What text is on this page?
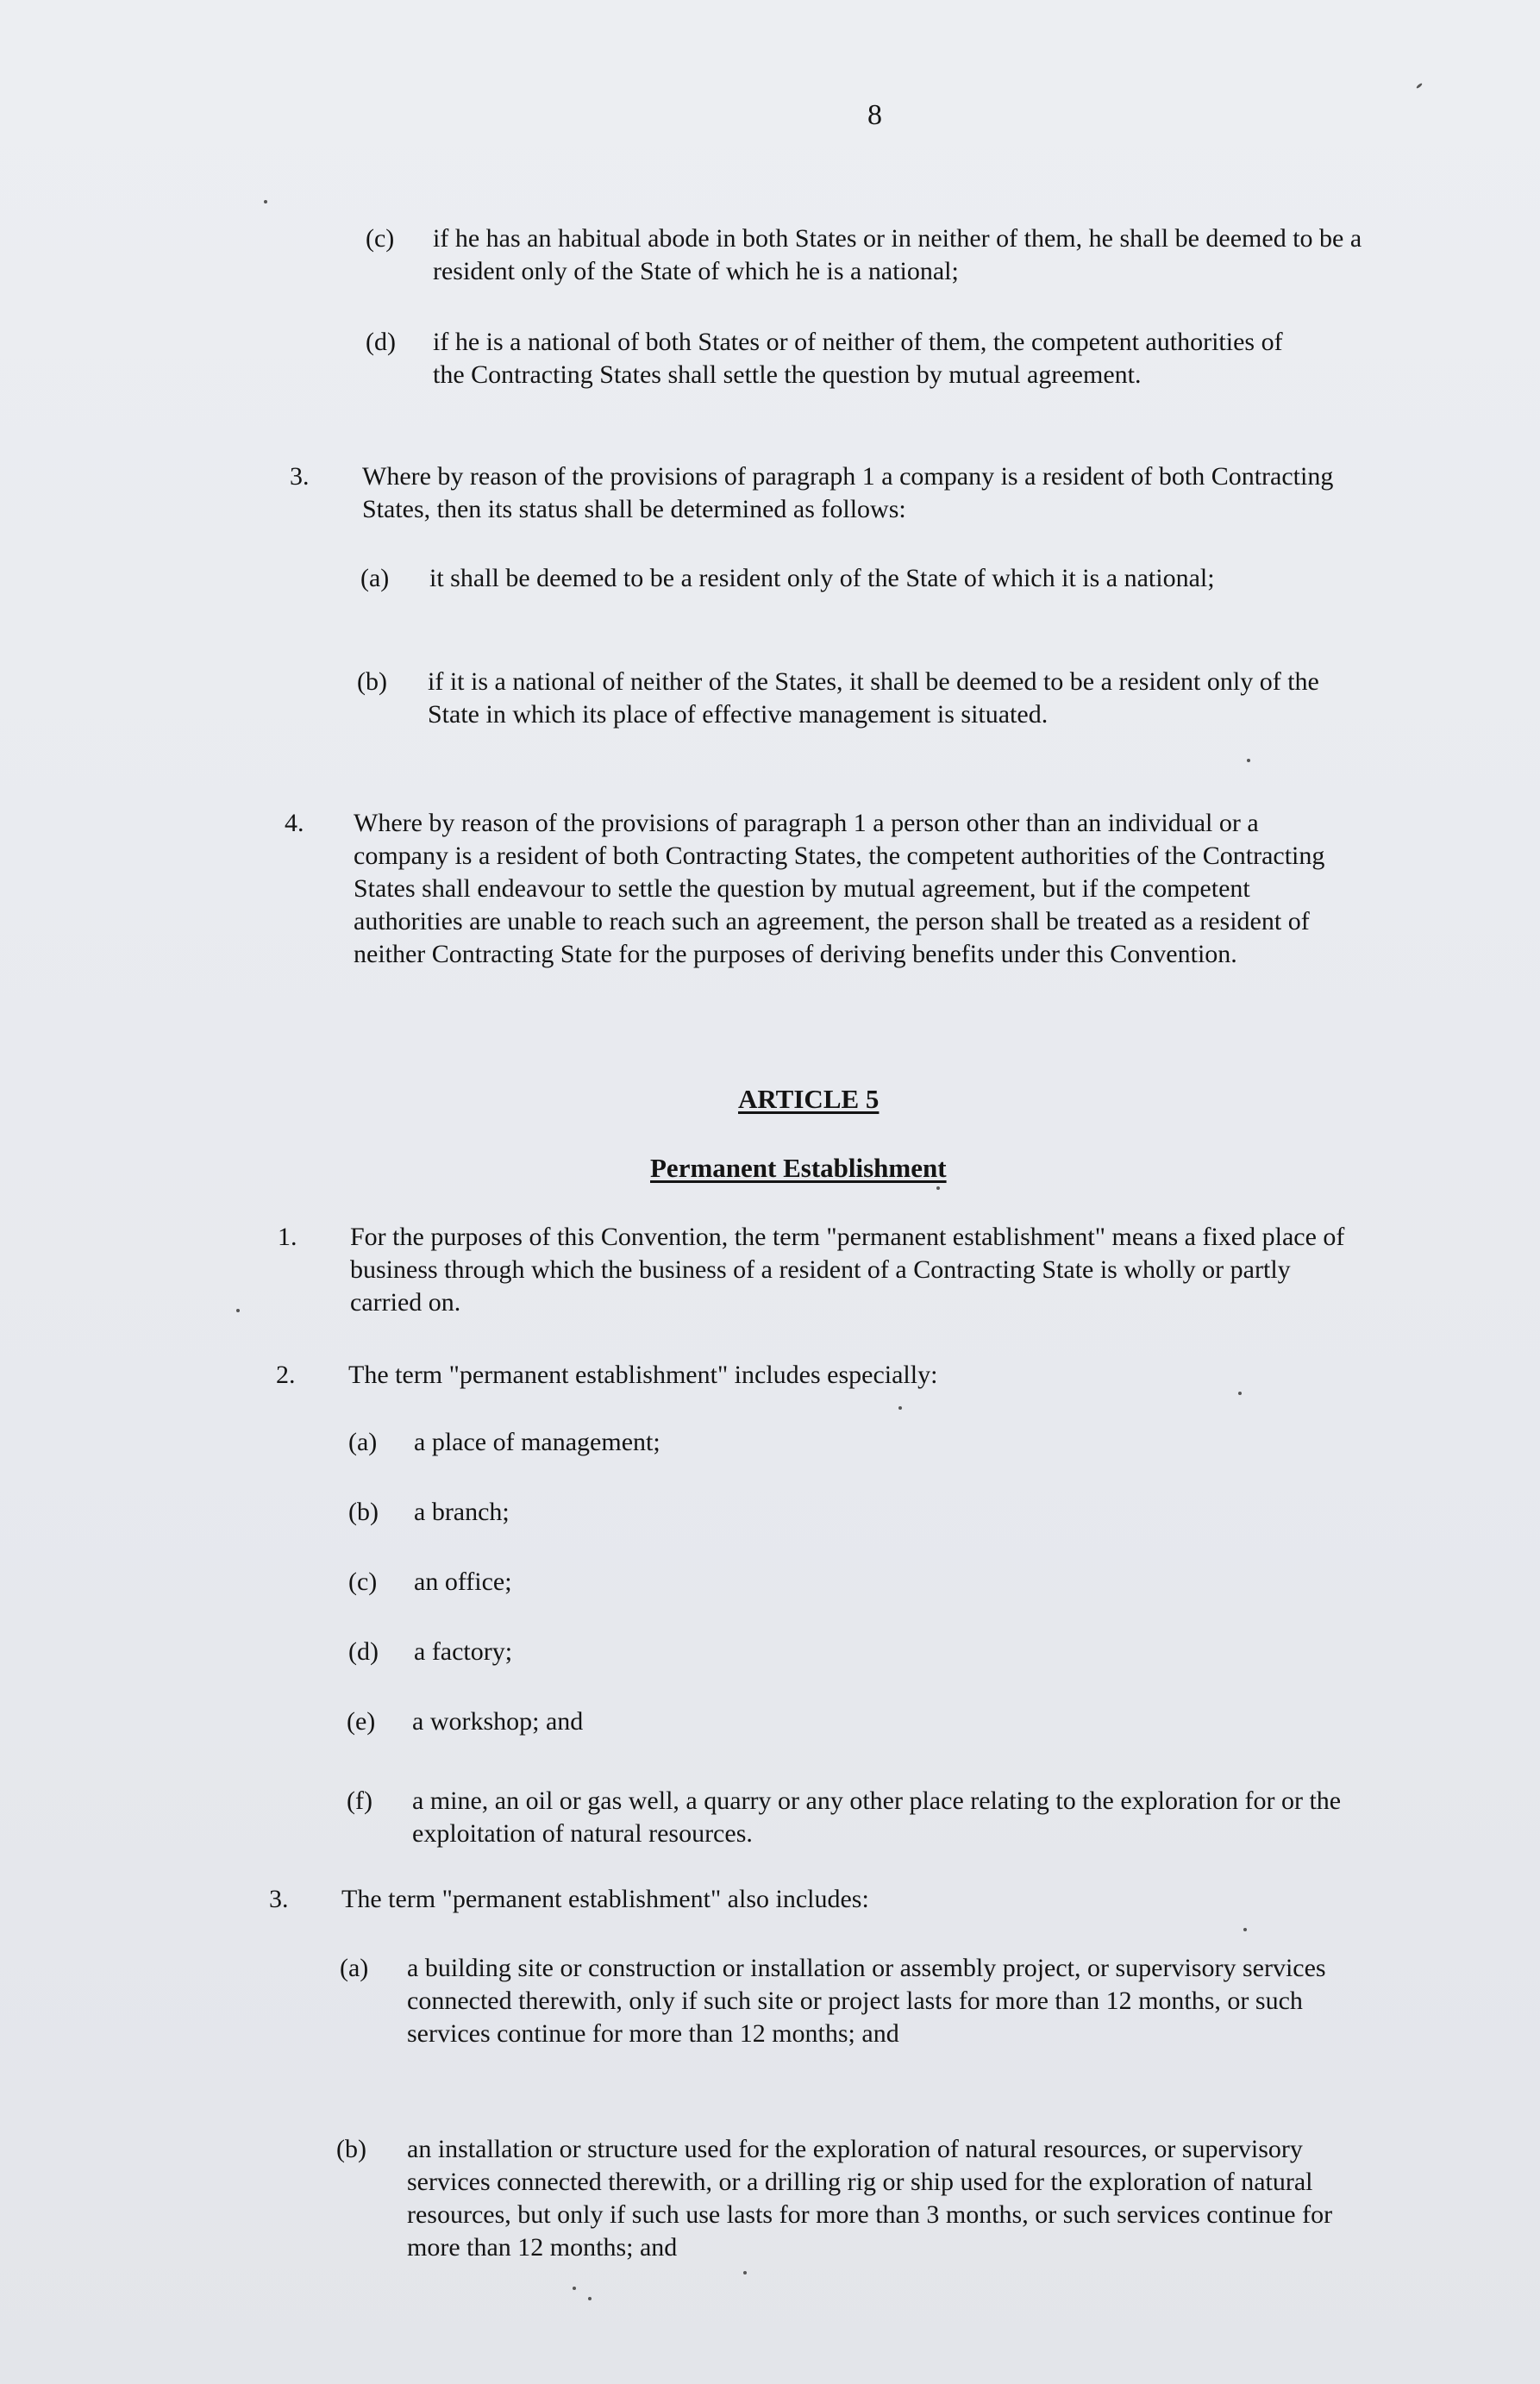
8
(c) if he has an habitual abode in both States or in neither of them, he shall be deemed to be a resident only of the State of which he is a national;
(d) if he is a national of both States or of neither of them, the competent authorities of the Contracting States shall settle the question by mutual agreement.
3. Where by reason of the provisions of paragraph 1 a company is a resident of both Contracting States, then its status shall be determined as follows:
(a) it shall be deemed to be a resident only of the State of which it is a national;
(b) if it is a national of neither of the States, it shall be deemed to be a resident only of the State in which its place of effective management is situated.
4. Where by reason of the provisions of paragraph 1 a person other than an individual or a company is a resident of both Contracting States, the competent authorities of the Contracting States shall endeavour to settle the question by mutual agreement, but if the competent authorities are unable to reach such an agreement, the person shall be treated as a resident of neither Contracting State for the purposes of deriving benefits under this Convention.
ARTICLE 5
Permanent Establishment
1. For the purposes of this Convention, the term "permanent establishment" means a fixed place of business through which the business of a resident of a Contracting State is wholly or partly carried on.
2. The term "permanent establishment" includes especially:
(a) a place of management;
(b) a branch;
(c) an office;
(d) a factory;
(e) a workshop; and
(f) a mine, an oil or gas well, a quarry or any other place relating to the exploration for or the exploitation of natural resources.
3. The term "permanent establishment" also includes:
(a) a building site or construction or installation or assembly project, or supervisory services connected therewith, only if such site or project lasts for more than 12 months, or such services continue for more than 12 months; and
(b) an installation or structure used for the exploration of natural resources, or supervisory services connected therewith, or a drilling rig or ship used for the exploration of natural resources, but only if such use lasts for more than 3 months, or such services continue for more than 12 months; and
